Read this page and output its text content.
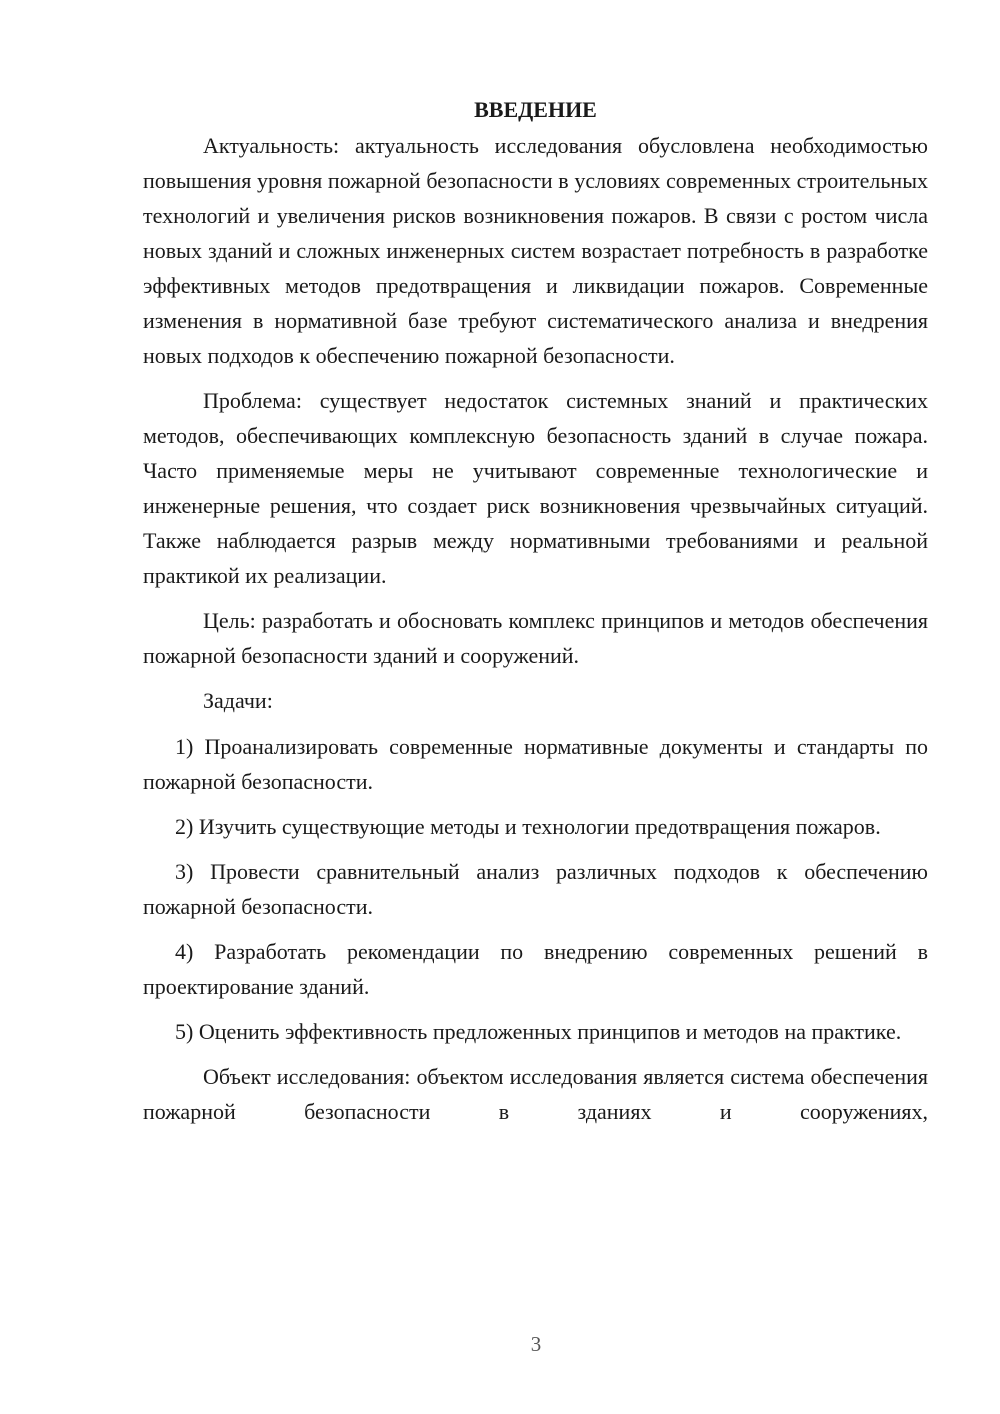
ВВЕДЕНИЕ

Актуальность: актуальность исследования обусловлена необходимостью повышения уровня пожарной безопасности в условиях современных строительных технологий и увеличения рисков возникновения пожаров. В связи с ростом числа новых зданий и сложных инженерных систем возрастает потребность в разработке эффективных методов предотвращения и ликвидации пожаров. Современные изменения в нормативной базе требуют систематического анализа и внедрения новых подходов к обеспечению пожарной безопасности.

Проблема: существует недостаток системных знаний и практических методов, обеспечивающих комплексную безопасность зданий в случае пожара. Часто применяемые меры не учитывают современные технологические и инженерные решения, что создает риск возникновения чрезвычайных ситуаций. Также наблюдается разрыв между нормативными требованиями и реальной практикой их реализации.

Цель: разработать и обосновать комплекс принципов и методов обеспечения пожарной безопасности зданий и сооружений.

Задачи:

1) Проанализировать современные нормативные документы и стандарты по пожарной безопасности.

2) Изучить существующие методы и технологии предотвращения пожаров.

3) Провести сравнительный анализ различных подходов к обеспечению пожарной безопасности.

4) Разработать рекомендации по внедрению современных решений в проектирование зданий.

5) Оценить эффективность предложенных принципов и методов на практике.

Объект исследования: объектом исследования является система обеспечения пожарной безопасности в зданиях и сооружениях,

3
